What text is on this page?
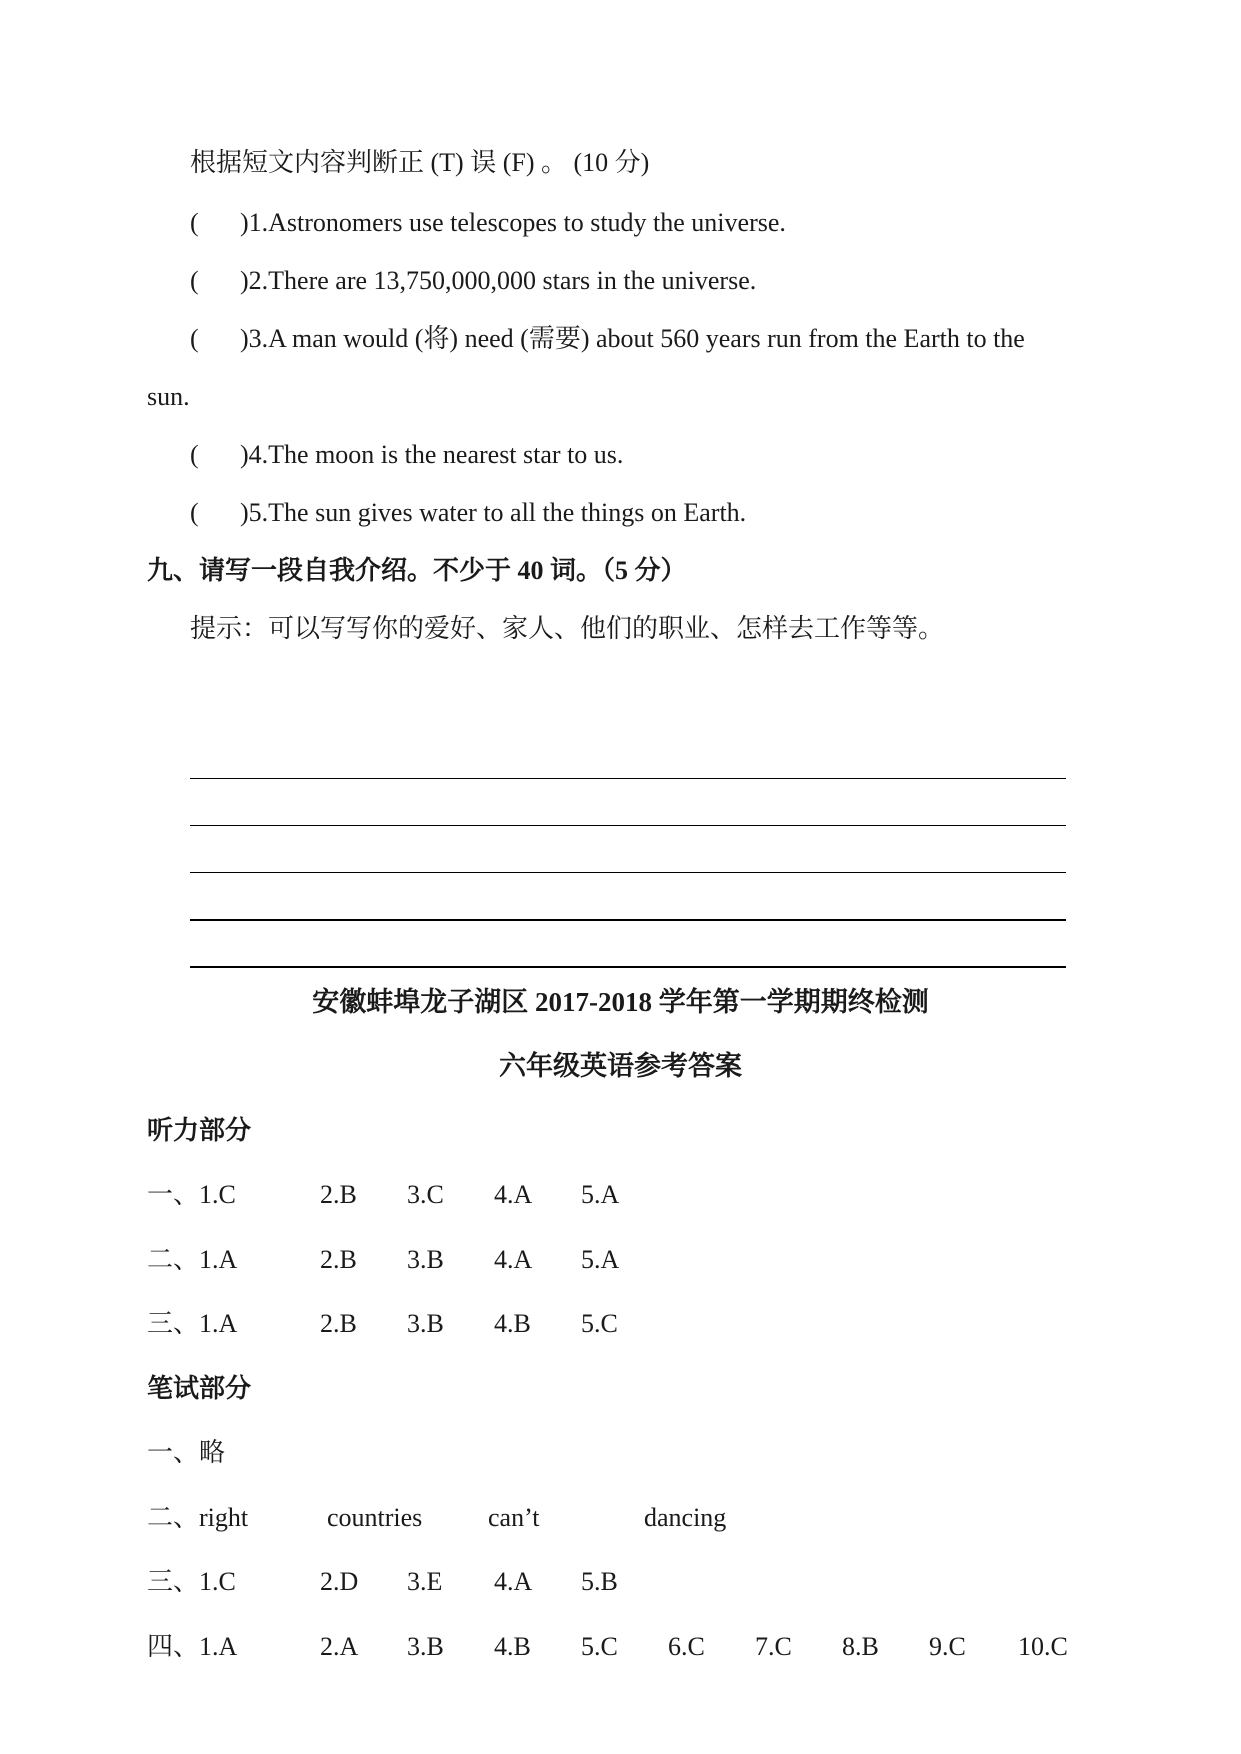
根据短文内容判断正 (T) 误 (F) 。 (10 分)
( )1.Astronomers use telescopes to study the universe.
( )2.There are 13,750,000,000 stars in the universe.
( )3.A man would (将) need (需要) about 560 years run from the Earth to the
sun.
( )4.The moon is the nearest star to us.
( )5.The sun gives water to all the things on Earth.
九、请写一段自我介绍。不少于 40 词。（5 分）
提示：可以写写你的爱好、家人、他们的职业、怎样去工作等等。
安徽蚌埠龙子湖区 2017-2018 学年第一学期期终检测
六年级英语参考答案
听力部分
一、1.C	2.B 3.C 4.A 5.A
二、1.A	2.B 3.B 4.A 5.A
三、1.A	2.B 3.B 4.B 5.C
笔试部分
一、略
二、right	countries	can’t	dancing
三、1.C	2.D 3.E 4.A 5.B
四、1.A	2.A 3.B 4.B 5.C 6.C 7.C 8.B 9.C 10.C
